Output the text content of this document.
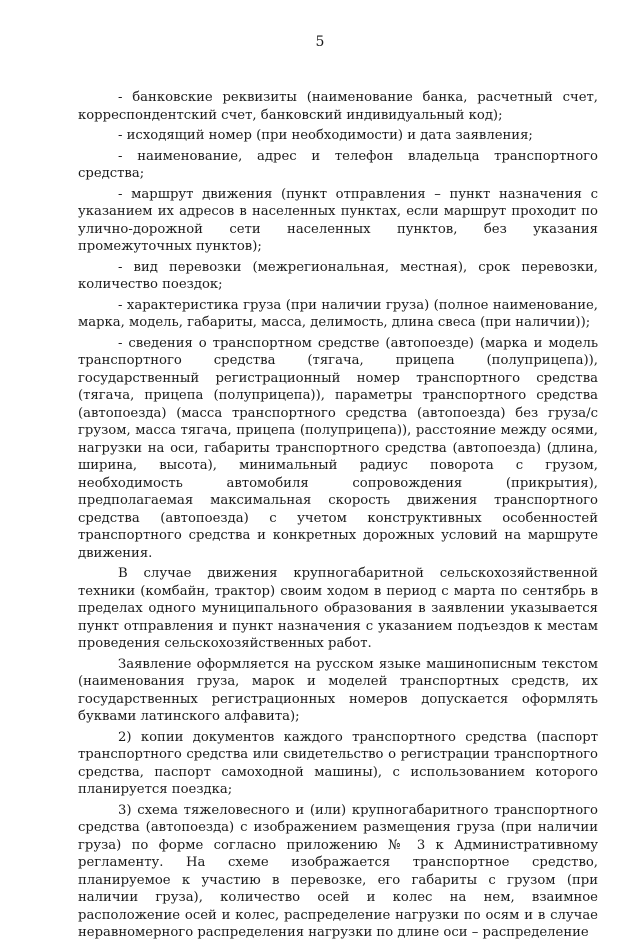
5

- банковские реквизиты (наименование банка, расчетный счет, корреспондентский счет, банковский индивидуальный код);

- исходящий номер (при необходимости) и дата заявления;

- наименование, адрес и телефон владельца транспортного средства;

- маршрут движения (пункт отправления – пункт назначения с указанием их адресов в населенных пунктах, если маршрут проходит по улично-дорожной сети населенных пунктов, без указания промежуточных пунктов);

- вид перевозки (межрегиональная, местная), срок перевозки, количество поездок;

- характеристика груза (при наличии груза) (полное наименование, марка, модель, габариты, масса, делимость, длина свеса (при наличии));

- сведения о транспортном средстве (автопоезде) (марка и модель транспортного средства (тягача, прицепа (полуприцепа)), государственный регистрационный номер транспортного средства (тягача, прицепа (полуприцепа)), параметры транспортного средства (автопоезда) (масса транспортного средства (автопоезда) без груза/с грузом, масса тягача, прицепа (полуприцепа)), расстояние между осями, нагрузки на оси, габариты транспортного средства (автопоезда) (длина, ширина, высота), минимальный радиус поворота с грузом, необходимость автомобиля сопровождения (прикрытия), предполагаемая максимальная скорость движения транспортного средства (автопоезда) с учетом конструктивных особенностей транспортного средства и конкретных дорожных условий на маршруте движения.

В случае движения крупногабаритной сельскохозяйственной техники (комбайн, трактор) своим ходом в период с марта по сентябрь в пределах одного муниципального образования в заявлении указывается пункт отправления и пункт назначения с указанием подъездов к местам проведения сельскохозяйственных работ.

Заявление оформляется на русском языке машинописным текстом (наименования груза, марок и моделей транспортных средств, их государственных регистрационных номеров допускается оформлять буквами латинского алфавита);

2) копии документов каждого транспортного средства (паспорт транспортного средства или свидетельство о регистрации транспортного средства, паспорт самоходной машины), с использованием которого планируется поездка;

3) схема тяжеловесного и (или) крупногабаритного транспортного средства (автопоезда) с изображением размещения груза (при наличии груза) по форме согласно приложению № 3 к Административному регламенту. На схеме изображается транспортное средство, планируемое к участию в перевозке, его габариты с грузом (при наличии груза), количество осей и колес на нем, взаимное расположение осей и колес, распределение нагрузки по осям и в случае неравномерного распределения нагрузки по длине оси – распределение
